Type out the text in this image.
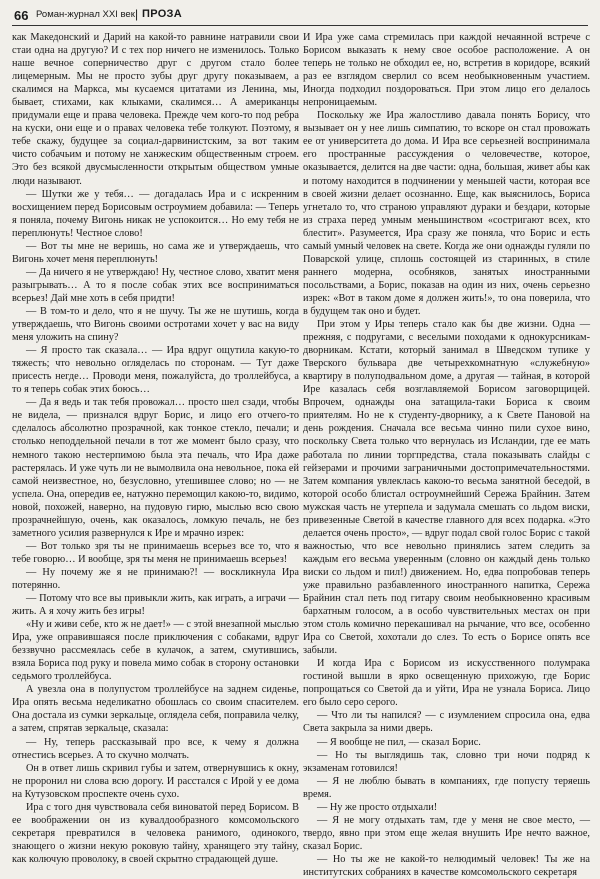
66 Роман-журнал XXI век | ПРОЗА

как Македонский и Дарий на какой-то равнине натравили свои стаи одна на другую? И с тех пор ничего не изменилось. Только наше вечное соперничество друг с другом стало более лицемерным. Мы не просто зубы друг другу показываем, а скалимся на Маркса, мы кусаемся цитатами из Ленина, мы, бывает, стихами, как клыками, скалимся… А американцы придумали еще и права человека. Прежде чем кого-то под ребра на куски, они еще и о правах человека тебе толкуют. Поэтому, я тебе скажу, будущее за социал-дарвинистским, за вот таким чисто собачьим и потому не ханжеским общественным строем. Это без всякой двусмысленности открытым обществом умные люди называют.

— Шутки же у тебя… — догадалась Ира и с искренним восхищением перед Борисовым остроумием добавила: — Теперь я поняла, почему Вигонь никак не успокоится… Но ему тебя не переплюнуть! Честное слово!

— Вот ты мне не веришь, но сама же и утверждаешь, что Вигонь хочет меня переплюнуть!

— Да ничего я не утверждаю! Ну, честное слово, хватит меня разыгрывать… А то я после собак этих все восприниматься всерьез! Дай мне хоть в себя придти!

— В том-то и дело, что я не шучу. Ты же не шутишь, когда утверждаешь, что Вигонь своими остротами хочет у вас на виду меня уложить на спину?

— Я просто так сказала… — Ира вдруг ощутила какую-то тяжесть; что невольно огляделась по сторонам. — Тут даже присесть негде… Проводи меня, пожалуйста, до троллейбуса, а то я теперь собак этих боюсь…

— Да я ведь и так тебя провожал… просто шел сзади, чтобы не видела, — признался вдруг Борис, и лицо его отчего-то сделалось абсолютно прозрачной, как тонкое стекло, печали; и столько неподдельной печали в тот же момент было сразу, что немного такою нестерпимою была эта печаль, что Ира даже растерялась. И уже чуть ли не вымолвила она невольное, пока ей самой неизвестное, но, безусловно, утешившее слово; но — не успела. Она, опередив ее, натужно перемощил какою-то, видимо, новой, похожей, наверно, на пудовую гирю, мыслью всю свою прозрачнейшую, очень, как оказалось, ломкую печаль, не без заметного усилия развернулся к Ире и мрачно изрек:

— Вот только зря ты не принимаешь всерьез все то, что я тебе говорю… И вообще, зря ты меня не принимаешь всерьез!

— Ну почему же я не принимаю?! — воскликнула Ира потерянно.

— Потому что все вы привыкли жить, как играть, а играчи — жить. А я хочу жить без игры!

«Ну и живи себе, кто ж не дает!» — с этой внезапной мыслью Ира, уже оправившаяся после приключения с собаками, вдруг беззвучно рассмеялась себе в кулачок, а затем, смутившись, взяла Бориса под руку и повела мимо собак в сторону остановки седьмого троллейбуса.

А увезла она в полупустом троллейбусе на заднем сиденье, Ира опять весьма неделикатно обошлась со своим спасителем. Она достала из сумки зеркальце, оглядела себя, поправила челку, а затем, спрятав зеркальце, сказала:

— Ну, теперь рассказывай про все, к чему я должна отнестись всерьез. А то скучно молчать.

Он в ответ лишь скривил губы и затем, отвернувшись к окну, не проронил ни слова всю дорогу. И расстался с Ирой у ее дома на Кутузовском проспекте очень сухо.

Ира с того дня чувствовала себя виноватой перед Борисом. В ее воображении он из кувалдообразного комсомольского секретаря превратился в человека ранимого, одинокого, знающего о жизни некую роковую тайну, хранящего эту тайну, как колючую проволоку, в своей скрытно страдающей душе.

И Ира уже сама стремилась при каждой нечаянной встрече с Борисом выказать к нему свое особое расположение. А он теперь не только не обходил ее, но, встретив в коридоре, всякий раз ее взглядом сверлил со всем необыкновенным участием. Иногда подходил поздороваться. При этом лицо его делалось непроницаемым.

Поскольку же Ира жалостливо давала понять Борису, что вызывает он у нее лишь симпатию, то вскоре он стал провожать ее от университета до дома. И Ира все серьезней воспринимала его пространные рассуждения о человечестве, которое, оказывается, делится на две части: одна, большая, живет абы как и потому находится в подчинении у меньшей части, которая все в своей жизни делает осознанно. Еще, как выяснилось, Бориса угнетало то, что страною управляют дураки и бездари, которые из страха перед умным меньшинством «состригают всех, кто блестит». Разумеется, Ира сразу же поняла, что Борис и есть самый умный человек на свете. Когда же они однажды гуляли по Поварской улице, сплошь состоящей из старинных, в стиле раннего модерна, особняков, занятых иностранными посольствами, а Борис, показав на один из них, очень серьезно изрек: «Вот в таком доме я должен жить!», то она поверила, что в будущем так оно и будет.

При этом у Иры теперь стало как бы две жизни. Одна — прежняя, с подругами, с веселыми походами к однокурсникам-дворникам. Кстати, который занимал в Шведском тупике у Тверского бульвара две четырехкомнатную «служебную» квартиру в полуподвальном доме, а другая — тайная, в которой Ире казалась себя возглавляемой Борисом заговорщицей. Впрочем, однажды она затащила-таки Бориса к своим приятелям. Но не к студенту-дворнику, а к Свете Пановой на день рождения. Сначала все весьма чинно пили сухое вино, поскольку Света только что вернулась из Исландии, где ее мать работала по линии торгпредства, стала показывать слайды с гейзерами и прочими заграничными достопримечательностями. Затем компания увлеклась какою-то весьма занятной беседой, в которой особо блистал остроумнейший Сережа Брайнин. Затем мужская часть не утерпела и задумала смешать со льдом виски, привезенные Светой в качестве главного для всех подарка. «Это делается очень просто», — вдруг подал свой голос Борис с такой важностью, что все невольно принялись затем следить за каждым его весьма уверенным (словно он каждый день только виски со льдом и пил!) движением. Но, едва попробовав теперь уже правильно разбавленного иностранного напитка, Сережа Брайнин стал петь под гитару своим необыкновенно красивым бархатным голосом, а в особо чувствительных местах он при этом столь комично перекашивал на рычание, что все, особенно Ира со Светой, хохотали до слез. То есть о Борисе опять все забыли.

И когда Ира с Борисом из искусственного полумрака гостиной вышли в ярко освещенную прихожую, где Борис попрощаться со Светой да и уйти, Ира не узнала Бориса. Лицо его было серо серого.

— Что ли ты напился? — с изумлением спросила она, едва Света закрыла за ними дверь.

— Я вообще не пил, — сказал Борис.

— Но ты выглядишь так, словно три ночи подряд к экзаменам готовился!

— Я не люблю бывать в компаниях, где попусту теряешь время.

— Ну же просто отдыхали!

— Я не могу отдыхать там, где у меня не свое место, — твердо, явно при этом еще желая внушить Ире нечто важное, сказал Борис.

— Но ты же не какой-то нелюдимый человек! Ты же на институтских собраниях в качестве комсомольского секретаря
